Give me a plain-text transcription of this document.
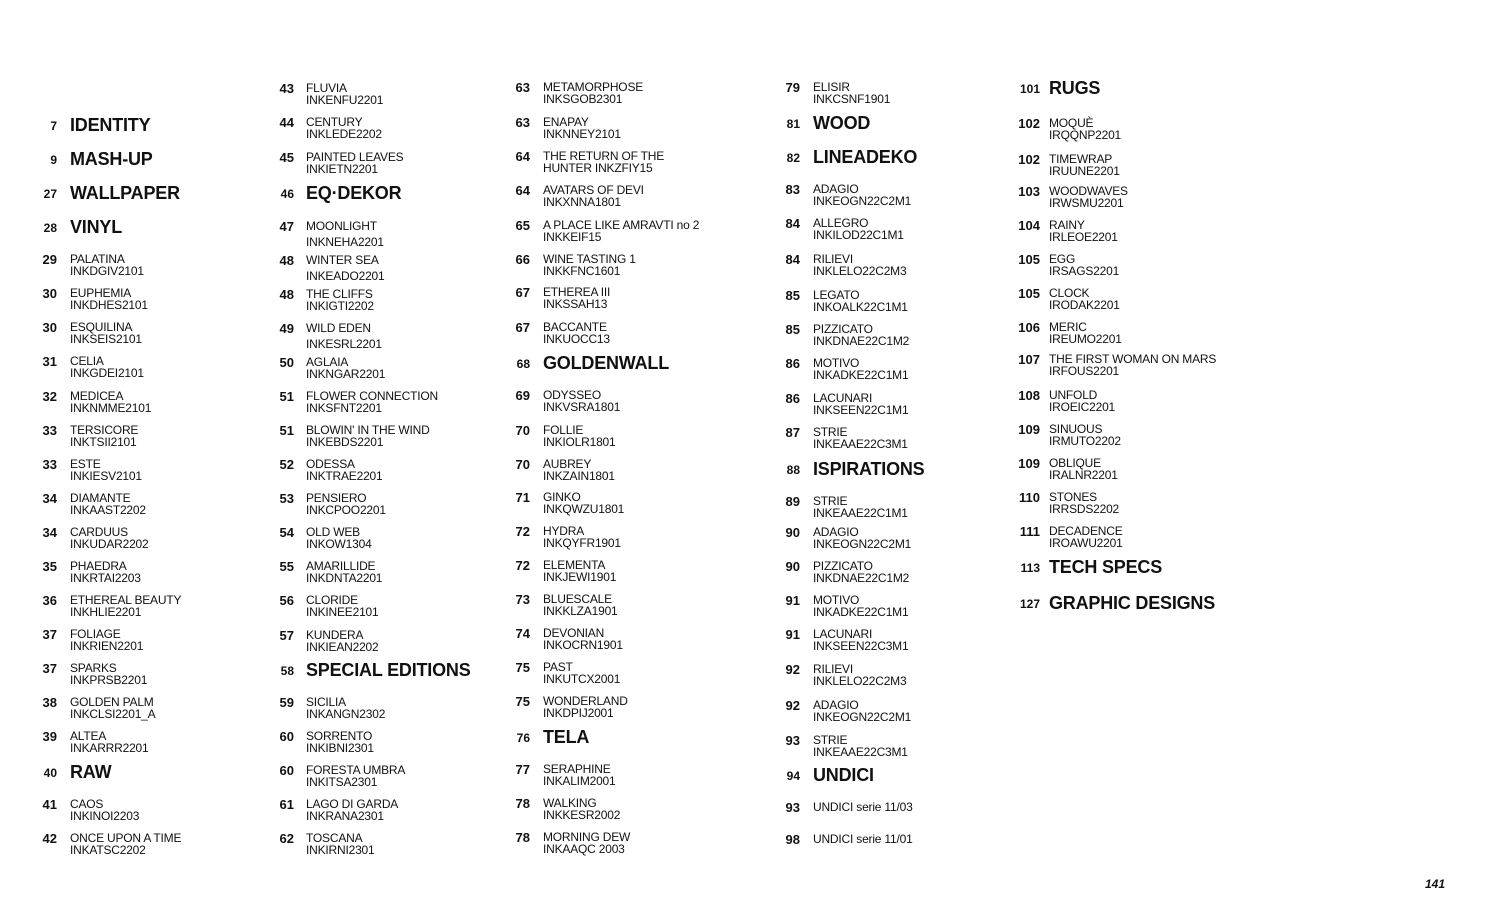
7 IDENTITY
9 MASH-UP
27 WALLPAPER
28 VINYL
29 PALATINA
INKDGIV2101
30 EUPHEMIA
INKDHES2101
30 ESQUILINA
INKSEIS2101
31 CELIA
INKGDEI2101
32 MEDICEA
INKNMME2101
33 TERSICORE
INKTSII2101
33 ESTE
INKIESV2101
34 DIAMANTE
INKAAST2202
34 CARDUUS
INKUDAR2202
35 PHAEDRA
INKRTAI2203
36 ETHEREAL BEAUTY
INKHLIE2201
37 FOLIAGE
INKRIEN2201
37 SPARKS
INKPRSB2201
38 GOLDEN PALM
INKCLSI2201_A
39 ALTEA
INKARRR2201
40 RAW
41 CAOS
INKINOI2203
42 ONCE UPON A TIME
INKATSC2202
43 FLUVIA
INKENFU2201
44 CENTURY
INKLEDE2202
45 PAINTED LEAVES
INKIETN2201
46 EQ·DEKOR
47 MOONLIGHT
INKNEHA2201
48 WINTER SEA
INKEADO2201
48 THE CLIFFS
INKIGTI2202
49 WILD EDEN
INKESRL2201
50 AGLAIA
INKNGAR2201
51 FLOWER CONNECTION
INKSFNT2201
51 BLOWIN' IN THE WIND
INKEBDS2201
52 ODESSA
INKTRAE2201
53 PENSIERO
INKCPOO2201
54 OLD WEB
INKOW1304
55 AMARILLIDE
INKDNTA2201
56 CLORIDE
INKINEE2101
57 KUNDERA
INKIEAN2202
58 SPECIAL EDITIONS
59 SICILIA
INKANGN2302
60 SORRENTO
INKIBNI2301
60 FORESTA UMBRA
INKITSA2301
61 LAGO DI GARDA
INKRANA2301
62 TOSCANA
INKIRNI2301
63 METAMORPHOSE
INKSGOB2301
63 ENAPAY
INKNNEY2101
64 THE RETURN OF THE
HUNTER INKZFIY15
64 AVATARS OF DEVI
INKXNNA1801
65 A PLACE LIKE AMRAVTI no 2
INKKEIF15
66 WINE TASTING 1
INKKFNC1601
67 ETHEREA III
INKSSAH13
67 BACCANTE
INKUOCC13
68 GOLDENWALL
69 ODYSSEO
INKVSRA1801
70 FOLLIE
INKIOLR1801
70 AUBREY
INKZAIN1801
71 GINKO
INKQWZU1801
72 HYDRA
INKQYFR1901
72 ELEMENTA
INKJEWI1901
73 BLUESCALE
INKKLZA1901
74 DEVONIAN
INKOCRN1901
75 PAST
INKUTCX2001
75 WONDERLAND
INKDPIJ2001
76 TELA
77 SERAPHINE
INKALIM2001
78 WALKING
INKKESR2002
78 MORNING DEW
INKAAQC 2003
79 ELISIR
INKCSNF1901
81 WOOD
82 LINEADEKO
83 ADAGIO
INKEOGN22C2M1
84 ALLEGRO
INKILOD22C1M1
84 RILIEVI
INKLELO22C2M3
85 LEGATO
INKOALK22C1M1
85 PIZZICATO
INKDNAE22C1M2
86 MOTIVO
INKADKE22C1M1
86 LACUNARI
INKSEEN22C1M1
87 STRIE
INKEAAE22C3M1
88 ISPIRATIONS
89 STRIE
INKEAAE22C1M1
90 ADAGIO
INKEOGN22C2M1
90 PIZZICATO
INKDNAE22C1M2
91 MOTIVO
INKADKE22C1M1
91 LACUNARI
INKSEEN22C3M1
92 RILIEVI
INKLELO22C2M3
92 ADAGIO
INKEOGN22C2M1
93 STRIE
INKEAAE22C3M1
94 UNDICI
93 UNDICI serie 11/03
98 UNDICI serie 11/01
101 RUGS
102 MOQUÈ
IRQQNP2201
102 TIMEWRAP
IRUUNE2201
103 WOODWAVES
IRWSMU2201
104 RAINY
IRLEOE2201
105 EGG
IRSAGS2201
105 CLOCK
IRODAK2201
106 MERIC
IREUMO2201
107 THE FIRST WOMAN ON MARS
IRFOUS2201
108 UNFOLD
IROEIC2201
109 SINUOUS
IRMUTO2202
109 OBLIQUE
IRALNR2201
110 STONES
IRRSDS2202
111 DECADENCE
IROAWU2201
113 TECH SPECS
127 GRAPHIC DESIGNS
141
